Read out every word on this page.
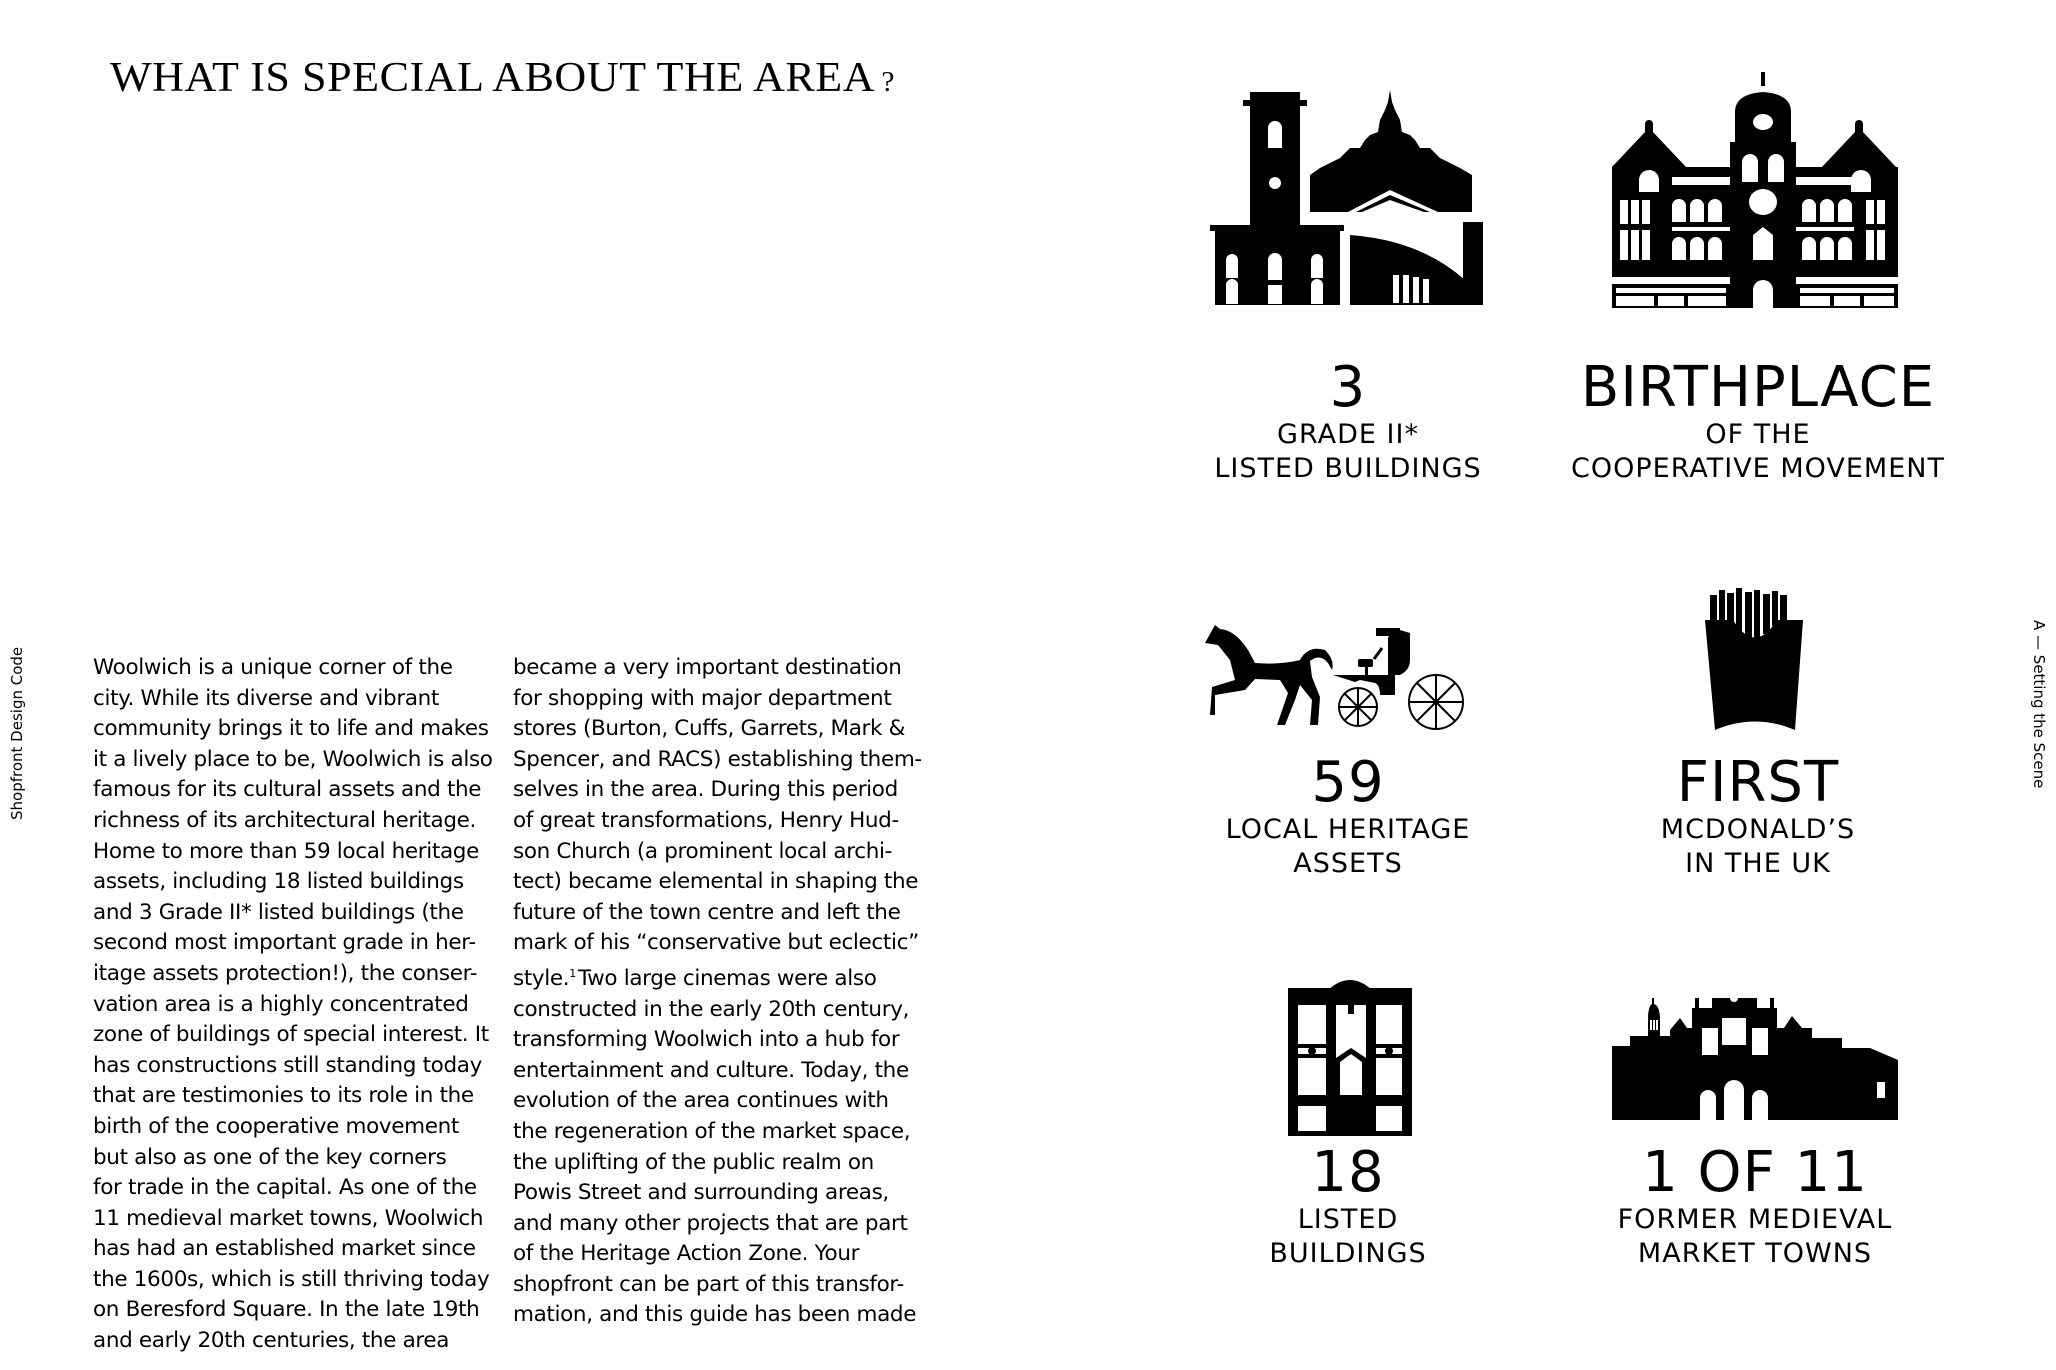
WHAT IS SPECIAL ABOUT THE AREA ?
Shopfront Design Code	A — Setting the Scene
Woolwich is a unique corner of the
city. While its diverse and vibrant
community brings it to life and makes
it a lively place to be, Woolwich is also
famous for its cultural assets and the
richness of its architectural heritage.
Home to more than 59 local heritage
assets, including 18 listed buildings
and 3 Grade II* listed buildings (the
second most important grade in her-
itage assets protection!), the conser-
vation area is a highly concentrated
zone of buildings of special interest. It
has constructions still standing today
that are testimonies to its role in the
birth of the cooperative movement
but also as one of the key corners
for trade in the capital. As one of the
11 medieval market towns, Woolwich
has had an established market since
the 1600s, which is still thriving today
on Beresford Square. In the late 19th
and early 20th centuries, the area
became a very important destination
for shopping with major department
stores (Burton, Cuffs, Garrets, Mark &
Spencer, and RACS) establishing them-
selves in the area. During this period
of great transformations, Henry Hud-
son Church (a prominent local archi-
tect) became elemental in shaping the
future of the town centre and left the
mark of his “conservative but eclectic”
style.$^1$Two large cinemas were also
constructed in the early 20th century,
transforming Woolwich into a hub for
entertainment and culture. Today, the
evolution of the area continues with
the regeneration of the market space,
the uplifting of the public realm on
Powis Street and surrounding areas,
and many other projects that are part
of the Heritage Action Zone. Your
shopfront can be part of this transfor-
mation, and this guide has been made
3
GRADE II*
LISTED BUILDINGS
BIRTHPLACE
OF THE
COOPERATIVE MOVEMENT
59
LOCAL HERITAGE
ASSETS
FIRST
MCDONALD’S
IN THE UK
18
LISTED
BUILDINGS
1 OF 11
FORMER MEDIEVAL
MARKET TOWNS
